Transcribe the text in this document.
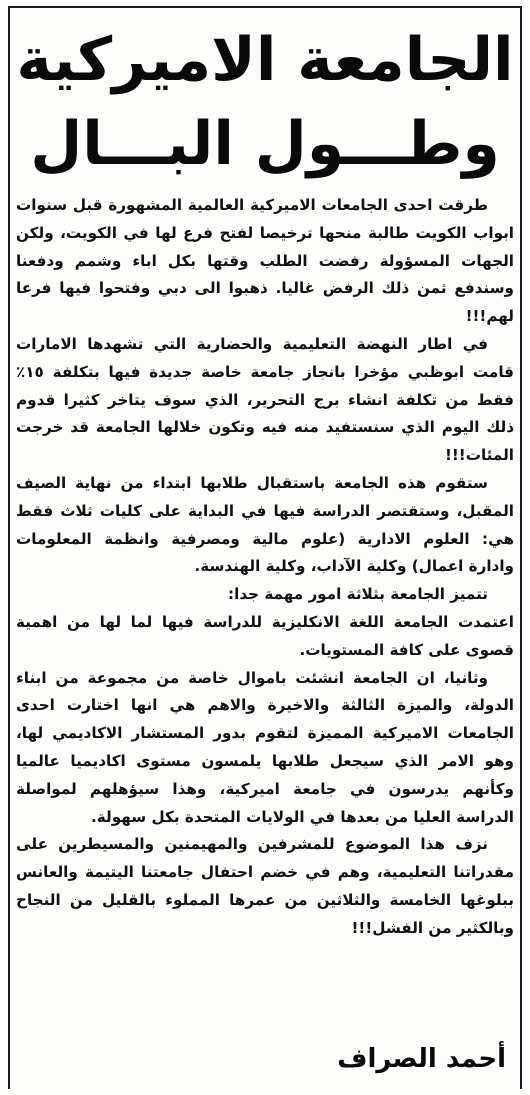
الجامعة الاميركية
وطـــول البـــال

طرقت احدى الجامعات الاميركية العالمية المشهورة قبل سنوات ابواب الكويت طالبة منحها ترخيصا لفتح فرع لها في الكويت، ولكن الجهات المسؤولة رفضت الطلب وقتها بكل اباء وشمم ودفعنا وسندفع ثمن ذلك الرفض غاليا. ذهبوا الى دبي وفتحوا فيها فرعا لهم!!!

في اطار النهضة التعليمية والحضارية التي تشهدها الامارات قامت ابوظبي مؤخرا بانجاز جامعة خاصة جديدة فيها بتكلفة ١٥٪ فقط من تكلفة انشاء برج التحرير، الذي سوف يتاخر كثيرا قدوم ذلك اليوم الذي سنستفيد منه فيه وتكون خلالها الجامعة قد خرجت المئات!!!

ستقوم هذه الجامعة باستقبال طلابها ابتداء من نهاية الصيف المقبل، وستقتصر الدراسة فيها في البداية على كليات ثلاث فقط هي: العلوم الادارية (علوم مالية ومصرفية وانظمة المعلومات وادارة اعمال) وكلية الآداب، وكلية الهندسة.

تتميز الجامعة بثلاثة امور مهمة جدا:

اعتمدت الجامعة اللغة الانكليزية للدراسة فيها لما لها من اهمية قصوى على كافة المستويات.

وثانيا، ان الجامعة انشئت باموال خاصة من مجموعة من ابناء الدولة، والميزة الثالثة والاخيرة والاهم هي انها اختارت احدى الجامعات الاميركية المميزة لتقوم بدور المستشار الاكاديمي لها، وهو الامر الذي سيجعل طلابها يلمسون مستوى اكاديميا عالميا وكأنهم يدرسون في جامعة اميركية، وهذا سيؤهلهم لمواصلة الدراسة العليا من بعدها في الولايات المتحدة بكل سهولة.

نزف هذا الموضوع للمشرفين والمهيمنين والمسيطرين على مقدراتنا التعليمية، وهم في خضم احتفال جامعتنا اليتيمة والعانس ببلوغها الخامسة والثلاثين من عمرها المملوء بالقليل من النجاح وبالكثير من الفشل!!!

أحمد الصراف
